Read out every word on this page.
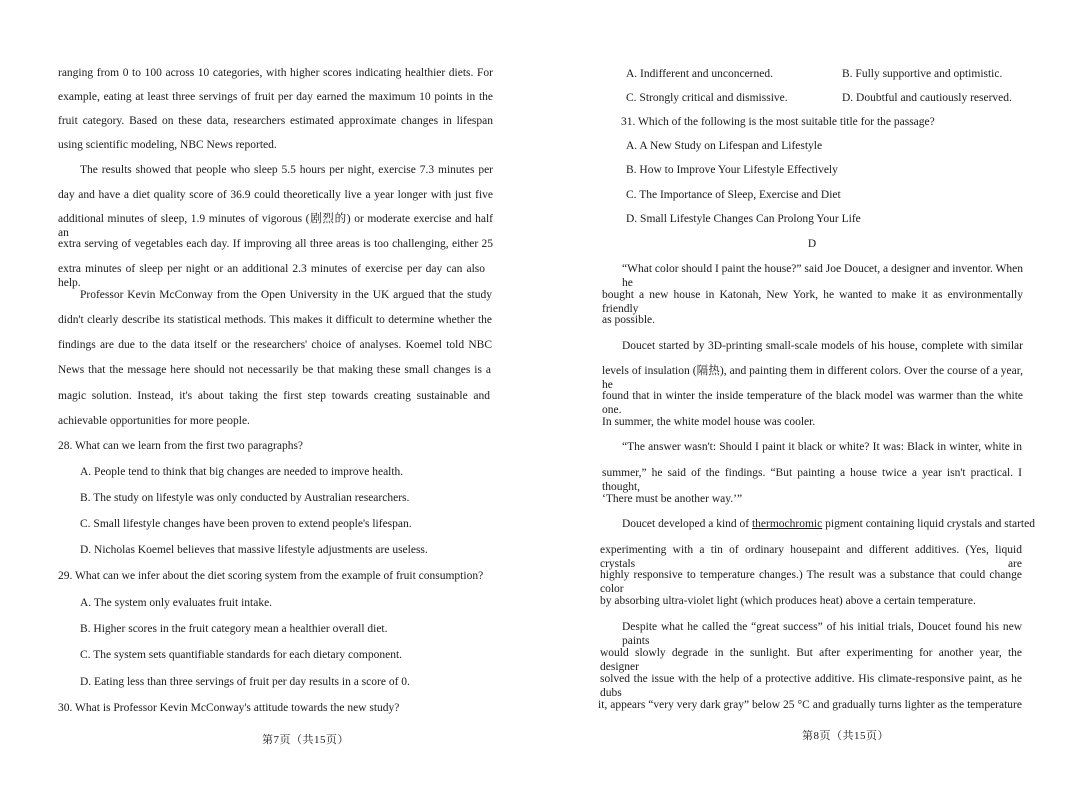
ranging from 0 to 100 across 10 categories, with higher scores indicating healthier diets. For
example, eating at least three servings of fruit per day earned the maximum 10 points in the
fruit category. Based on these data, researchers estimated approximate changes in lifespan
using scientific modeling, NBC News reported.
The results showed that people who sleep 5.5 hours per night, exercise 7.3 minutes per
day and have a diet quality score of 36.9 could theoretically live a year longer with just five
additional minutes of sleep, 1.9 minutes of vigorous (剧烈的) or moderate exercise and half an
extra serving of vegetables each day. If improving all three areas is too challenging, either 25
extra minutes of sleep per night or an additional 2.3 minutes of exercise per day can also help.
Professor Kevin McConway from the Open University in the UK argued that the study
didn't clearly describe its statistical methods. This makes it difficult to determine whether the
findings are due to the data itself or the researchers' choice of analyses. Koemel told NBC
News that the message here should not necessarily be that making these small changes is a
magic solution. Instead, it's about taking the first step towards creating sustainable and
achievable opportunities for more people.
28. What can we learn from the first two paragraphs?
A. People tend to think that big changes are needed to improve health.
B. The study on lifestyle was only conducted by Australian researchers.
C. Small lifestyle changes have been proven to extend people's lifespan.
D. Nicholas Koemel believes that massive lifestyle adjustments are useless.
29. What can we infer about the diet scoring system from the example of fruit consumption?
A. The system only evaluates fruit intake.
B. Higher scores in the fruit category mean a healthier overall diet.
C. The system sets quantifiable standards for each dietary component.
D. Eating less than three servings of fruit per day results in a score of 0.
30. What is Professor Kevin McConway's attitude towards the new study?
第7页（共15页）
A. Indifferent and unconcerned.	B. Fully supportive and optimistic.
C. Strongly critical and dismissive.	D. Doubtful and cautiously reserved.
31. Which of the following is the most suitable title for the passage?
A. A New Study on Lifespan and Lifestyle
B. How to Improve Your Lifestyle Effectively
C. The Importance of Sleep, Exercise and Diet
D. Small Lifestyle Changes Can Prolong Your Life
D
“What color should I paint the house?” said Joe Doucet, a designer and inventor. When he
bought a new house in Katonah, New York, he wanted to make it as environmentally friendly
as possible.
Doucet started by 3D-printing small-scale models of his house, complete with similar
levels of insulation (隔热), and painting them in different colors. Over the course of a year, he
found that in winter the inside temperature of the black model was warmer than the white one.
In summer, the white model house was cooler.
“The answer wasn't: Should I paint it black or white? It was: Black in winter, white in
summer,” he said of the findings. “But painting a house twice a year isn't practical. I thought,
‘There must be another way.’”
Doucet developed a kind of thermochromic pigment containing liquid crystals and started
experimenting with a tin of ordinary housepaint and different additives. (Yes, liquid crystals are
highly responsive to temperature changes.) The result was a substance that could change color
by absorbing ultra-violet light (which produces heat) above a certain temperature.
Despite what he called the “great success” of his initial trials, Doucet found his new paints
would slowly degrade in the sunlight. But after experimenting for another year, the designer
solved the issue with the help of a protective additive. His climate-responsive paint, as he dubs
it, appears “very very dark gray” below 25 °C and gradually turns lighter as the temperature
第8页（共15页）
